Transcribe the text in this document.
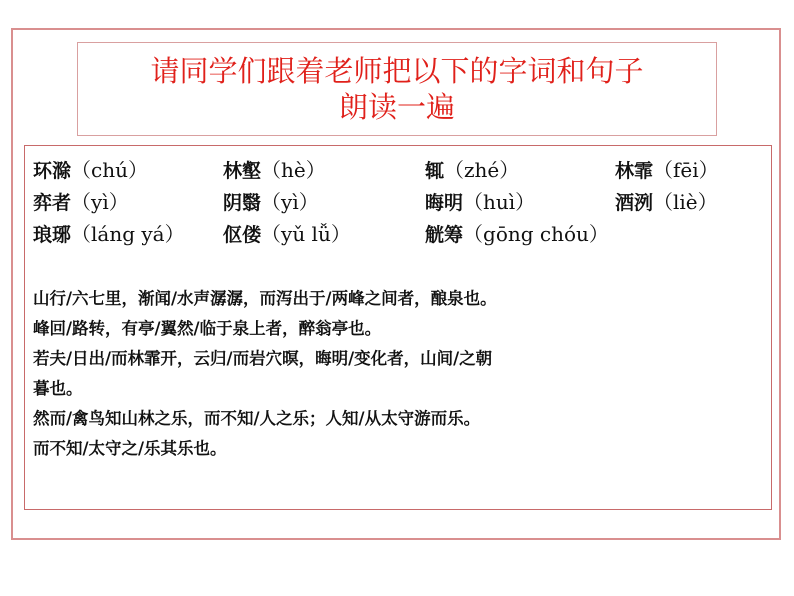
请同学们跟着老师把以下的字词和句子
朗读一遍
环滁（chú）	林壑（hè）	辄（zhé）	林霏（fēi）
弈者（yì）	阴翳（yì）	晦明（huì）	酒洌（liè）
琅琊（láng yá） 伛偻（yǔ lǚ）	觥筹（gōng chóu）
山行/六七里，渐闻/水声潺潺，而泻出于/两峰之间者，酿泉也。
峰回/路转，有亭/翼然/临于泉上者，醉翁亭也。
若夫/日出/而林霏开，云归/而岩穴暝，晦明/变化者，山间/之朝
暮也。
然而/禽鸟知山林之乐，而不知/人之乐；人知/从太守游而乐。
而不知/太守之/乐其乐也。
